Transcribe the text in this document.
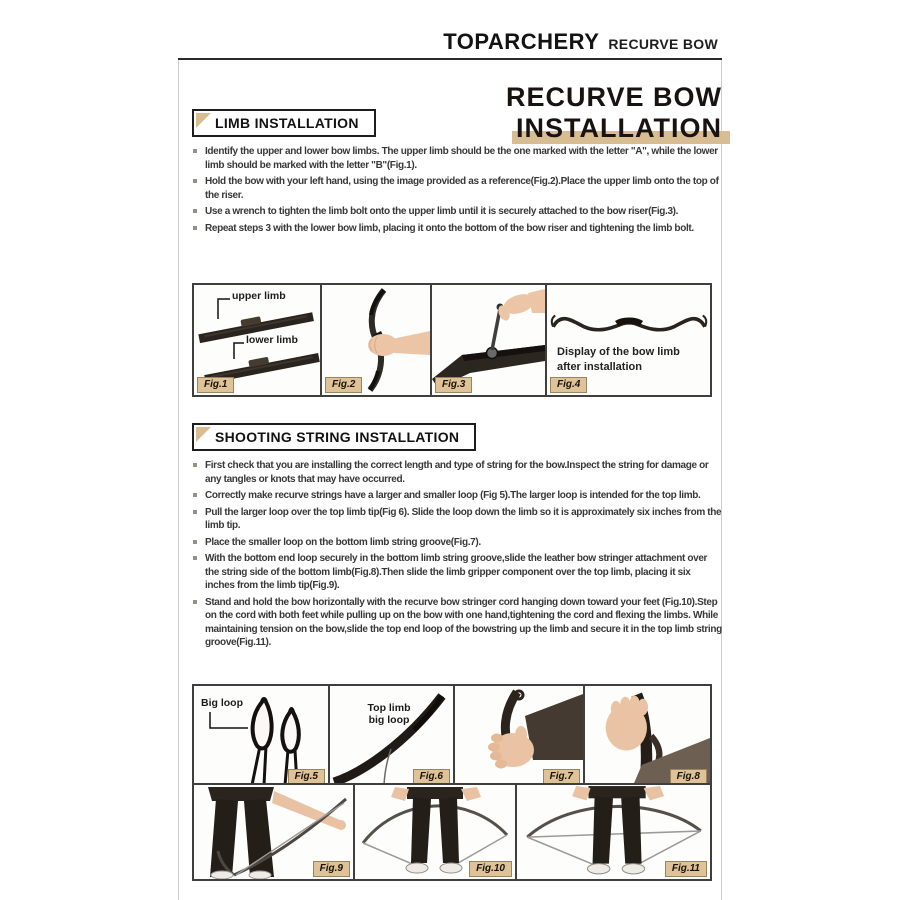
TOPARCHERY RECURVE BOW
RECURVE BOW
INSTALLATION
LIMB INSTALLATION
Identify the upper and lower bow limbs. The upper limb should be the one marked with the letter "A", while the lower limb should be marked with the letter "B"(Fig.1).
Hold the bow with your left hand, using the image provided as a reference(Fig.2).Place the upper limb onto the top of the riser.
Use a wrench to tighten the limb bolt onto the upper limb until it is securely attached to the bow riser(Fig.3).
Repeat steps 3 with the lower bow limb, placing it onto the bottom of the bow riser and tightening the limb bolt.
upper limb
lower limb
Fig.1	Fig.2	Fig.3
Display of the bow limb after installation
Fig.4
SHOOTING STRING INSTALLATION
First check that you are installing the correct length and type of string for the bow.Inspect the string for damage or any tangles or knots that may have occurred.
Correctly make recurve strings have a larger and smaller loop (Fig 5).The larger loop is intended for the top limb.
Pull the larger loop over the top limb tip(Fig 6). Slide the loop down the limb so it is approximately six inches from the limb tip.
Place the smaller loop on the bottom limb string groove(Fig.7).
With the bottom end loop securely in the bottom limb string groove,slide the leather bow stringer attachment over the string side of the bottom limb(Fig.8).Then slide the limb gripper component over the top limb, placing it six inches from the limb tip(Fig.9).
Stand and hold the bow horizontally with the recurve bow stringer cord hanging down toward your feet (Fig.10).Step on the cord with both feet while pulling up on the bow with one hand,tightening the cord and flexing the limbs. While maintaining tension on the bow,slide the top end loop of the bowstring up the limb and secure it in the top limb string groove(Fig.11).
Big loop
Fig.5
Top limb big loop
Fig.6	Fig.7	Fig.8
Fig.9	Fig.10	Fig.11
